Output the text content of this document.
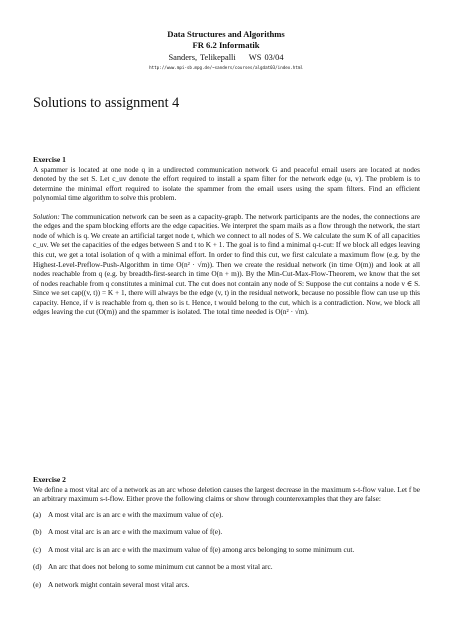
Data Structures and Algorithms

FR 6.2 Informatik

Sanders, Telikepalli WS 03/04
http://www.mpi-sb.mpg.de/~sanders/courses/algdat03/index.html
Solutions to assignment 4

Exercise 1

A spammer is located at one node q in a undirected communication network G and peaceful email users are located at nodes denoted by the set S. Let c_uv denote the effort required to install a spam filter for the network edge (u, v). The problem is to determine the minimal effort required to isolate the spammer from the email users using the spam filters. Find an efficient polynomial time algorithm to solve this problem.

Solution: The communication network can be seen as a capacity-grapb. The network participants are the nodes, the connections are the edges and the spam blocking efforts are the edge capacities. We interpret the spam mails as a flow through the network, the start node of which is q. We create an artificial target node t, which we connect to all nodes of S. We calculate the sum K of all capacities c_uv. We set the capacities of the edges between S and t to K + 1. The goal is to find a minimal q-t-cut: If we block all edges leaving this cut, we get a total isolation of q with a minimal effort. In order to find this cut, we first calculate a maximum flow (e.g. by the Highest-Level-Preflow-Push-Algorithm in time O(n² · √m)). Then we create the residual network (in time O(m)) and look at all nodes reachable from q (e.g. by breadth-first-search in time O(n + m)). By the Min-Cut-Max-Flow-Theorem, we know that the set of nodes reachable from q constitutes a minimal cut. The cut does not contain any node of S: Suppose the cut contains a node v ∈ S. Since we set cap((v, t)) = K + 1, there will always be the edge (v, t) in the residual network, because no possible flow can use up this capacity. Hence, if v is reachable from q, then so is t. Hence, t would belong to the cut, which is a contradiction. Now, we block all edges leaving the cut (O(m)) and the spammer is isolated. The total time needed is O(n² · √m).

Exercise 2

We define a most vital arc of a network as an arc whose deletion causes the largest decrease in the maximum s-t-flow value. Let f be an arbitrary maximum s-t-flow. Either prove the following claims or show through counterexamples that they are false:

(a) A most vital arc is an arc e with the maximum value of c(e).
(b) A most vital arc is an arc e with the maximum value of f(e).
(c) A most vital arc is an arc e with the maximum value of f(e) among arcs belonging to some minimum cut.
(d) An arc that does not belong to some minimum cut cannot be a most vital arc.
(e) A network might contain several most vital arcs.
